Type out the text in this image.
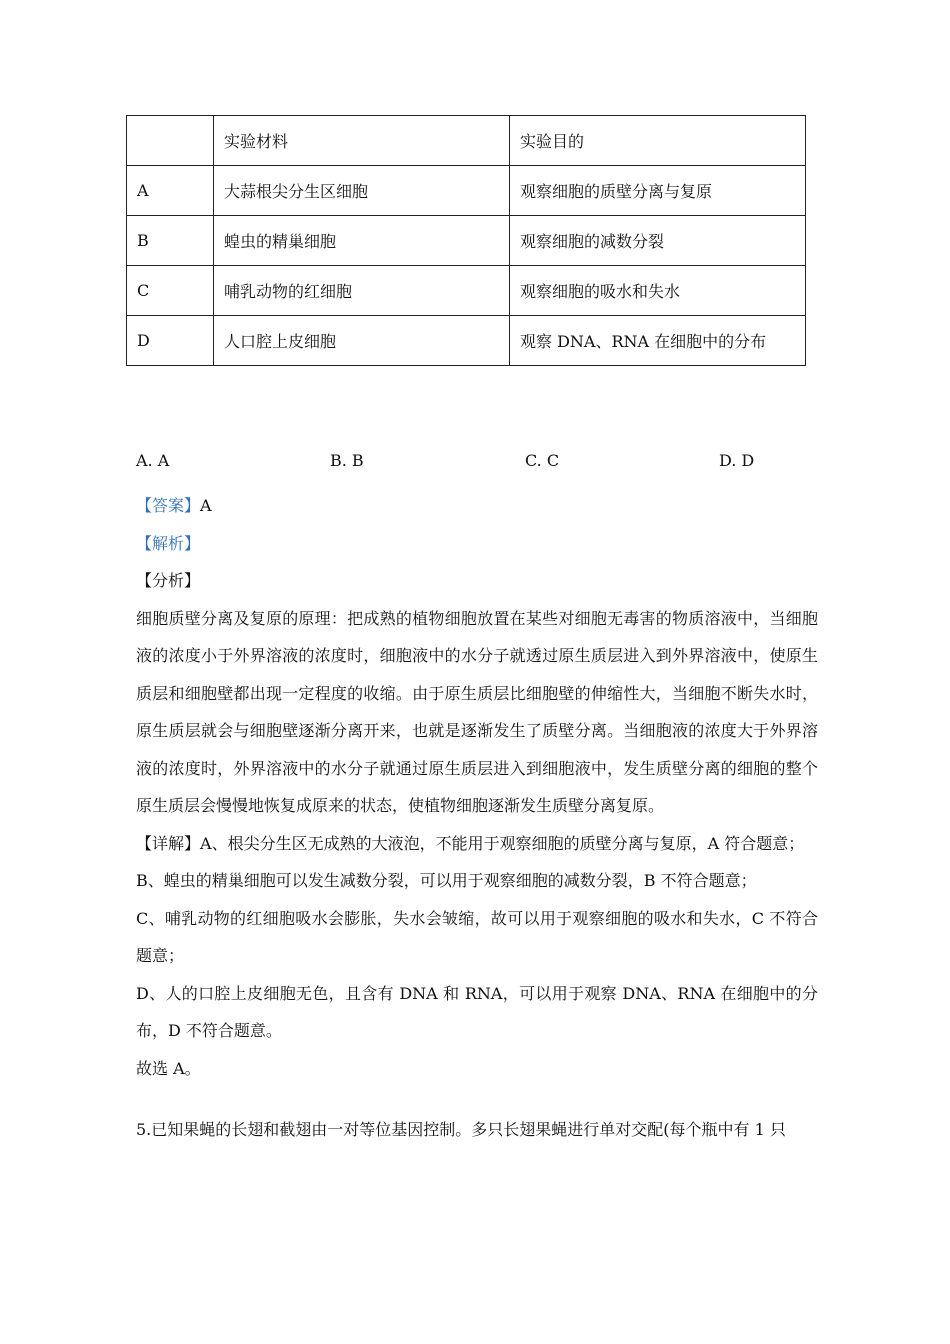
	实验材料	实验目的
A	大蒜根尖分生区细胞	观察细胞的质壁分离与复原
B	蝗虫的精巢细胞	观察细胞的减数分裂
C	哺乳动物的红细胞	观察细胞的吸水和失水
D	人口腔上皮细胞	观察 DNA、RNA 在细胞中的分布
A. A	B. B	C. C	D. D

【答案】A

【解析】

【分析】

细胞质壁分离及复原的原理：把成熟的植物细胞放置在某些对细胞无毒害的物质溶液中，当细胞液的浓度小于外界溶液的浓度时，细胞液中的水分子就透过原生质层进入到外界溶液中，使原生质层和细胞壁都出现一定程度的收缩。由于原生质层比细胞壁的伸缩性大，当细胞不断失水时，原生质层就会与细胞壁逐渐分离开来，也就是逐渐发生了质壁分离。当细胞液的浓度大于外界溶液的浓度时，外界溶液中的水分子就通过原生质层进入到细胞液中，发生质壁分离的细胞的整个原生质层会慢慢地恢复成原来的状态，使植物细胞逐渐发生质壁分离复原。

【详解】A、根尖分生区无成熟的大液泡，不能用于观察细胞的质壁分离与复原，A 符合题意；

B、蝗虫的精巢细胞可以发生减数分裂，可以用于观察细胞的减数分裂，B 不符合题意；

C、哺乳动物的红细胞吸水会膨胀，失水会皱缩，故可以用于观察细胞的吸水和失水，C 不符合题意；

D、人的口腔上皮细胞无色，且含有 DNA 和 RNA，可以用于观察 DNA、RNA 在细胞中的分布，D 不符合题意。

故选 A。

5.已知果蝇的长翅和截翅由一对等位基因控制。多只长翅果蝇进行单对交配(每个瓶中有 1 只
